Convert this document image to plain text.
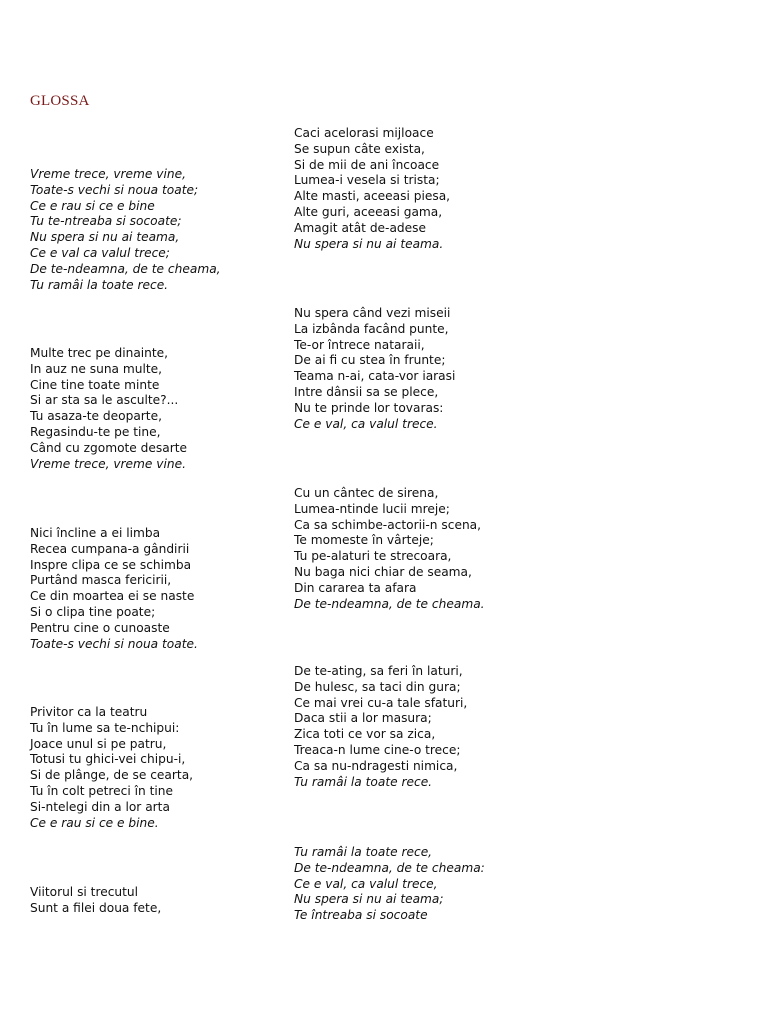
GLOSSA
Vreme trece, vreme vine,
Toate-s vechi si noua toate;
Ce e rau si ce e bine
Tu te-ntreaba si socoate;
Nu spera si nu ai teama,
Ce e val ca valul trece;
De te-ndeamna, de te cheama,
Tu ramâi la toate rece.
Multe trec pe dinainte,
In auz ne suna multe,
Cine tine toate minte
Si ar sta sa le asculte?...
Tu asaza-te deoparte,
Regasindu-te pe tine,
Când cu zgomote desarte
Vreme trece, vreme vine.
Nici încline a ei limba
Recea cumpana-a gândirii
Inspre clipa ce se schimba
Purtând masca fericirii,
Ce din moartea ei se naste
Si o clipa tine poate;
Pentru cine o cunoaste
Toate-s vechi si noua toate.
Privitor ca la teatru
Tu în lume sa te-nchipui:
Joace unul si pe patru,
Totusi tu ghici-vei chipu-i,
Si de plânge, de se cearta,
Tu în colt petreci în tine
Si-ntelegi din a lor arta
Ce e rau si ce e bine.
Viitorul si trecutul
Sunt a filei doua fete,
Caci acelorasi mijloace
Se supun câte exista,
Si de mii de ani încoace
Lumea-i vesela si trista;
Alte masti, aceeasi piesa,
Alte guri, aceeasi gama,
Amagit atât de-adese
Nu spera si nu ai teama.
Nu spera când vezi miseii
La izbânda facând punte,
Te-or întrece nataraii,
De ai fi cu stea în frunte;
Teama n-ai, cata-vor iarasi
Intre dânsii sa se plece,
Nu te prinde lor tovaras:
Ce e val, ca valul trece.
Cu un cântec de sirena,
Lumea-ntinde lucii mreje;
Ca sa schimbe-actorii-n scena,
Te momeste în vârteje;
Tu pe-alaturi te strecoara,
Nu baga nici chiar de seama,
Din cararea ta afara
De te-ndeamna, de te cheama.
De te-ating, sa feri în laturi,
De hulesc, sa taci din gura;
Ce mai vrei cu-a tale sfaturi,
Daca stii a lor masura;
Zica toti ce vor sa zica,
Treaca-n lume cine-o trece;
Ca sa nu-ndragesti nimica,
Tu ramâi la toate rece.
Tu ramâi la toate rece,
De te-ndeamna, de te cheama:
Ce e val, ca valul trece,
Nu spera si nu ai teama;
Te întreaba si socoate
